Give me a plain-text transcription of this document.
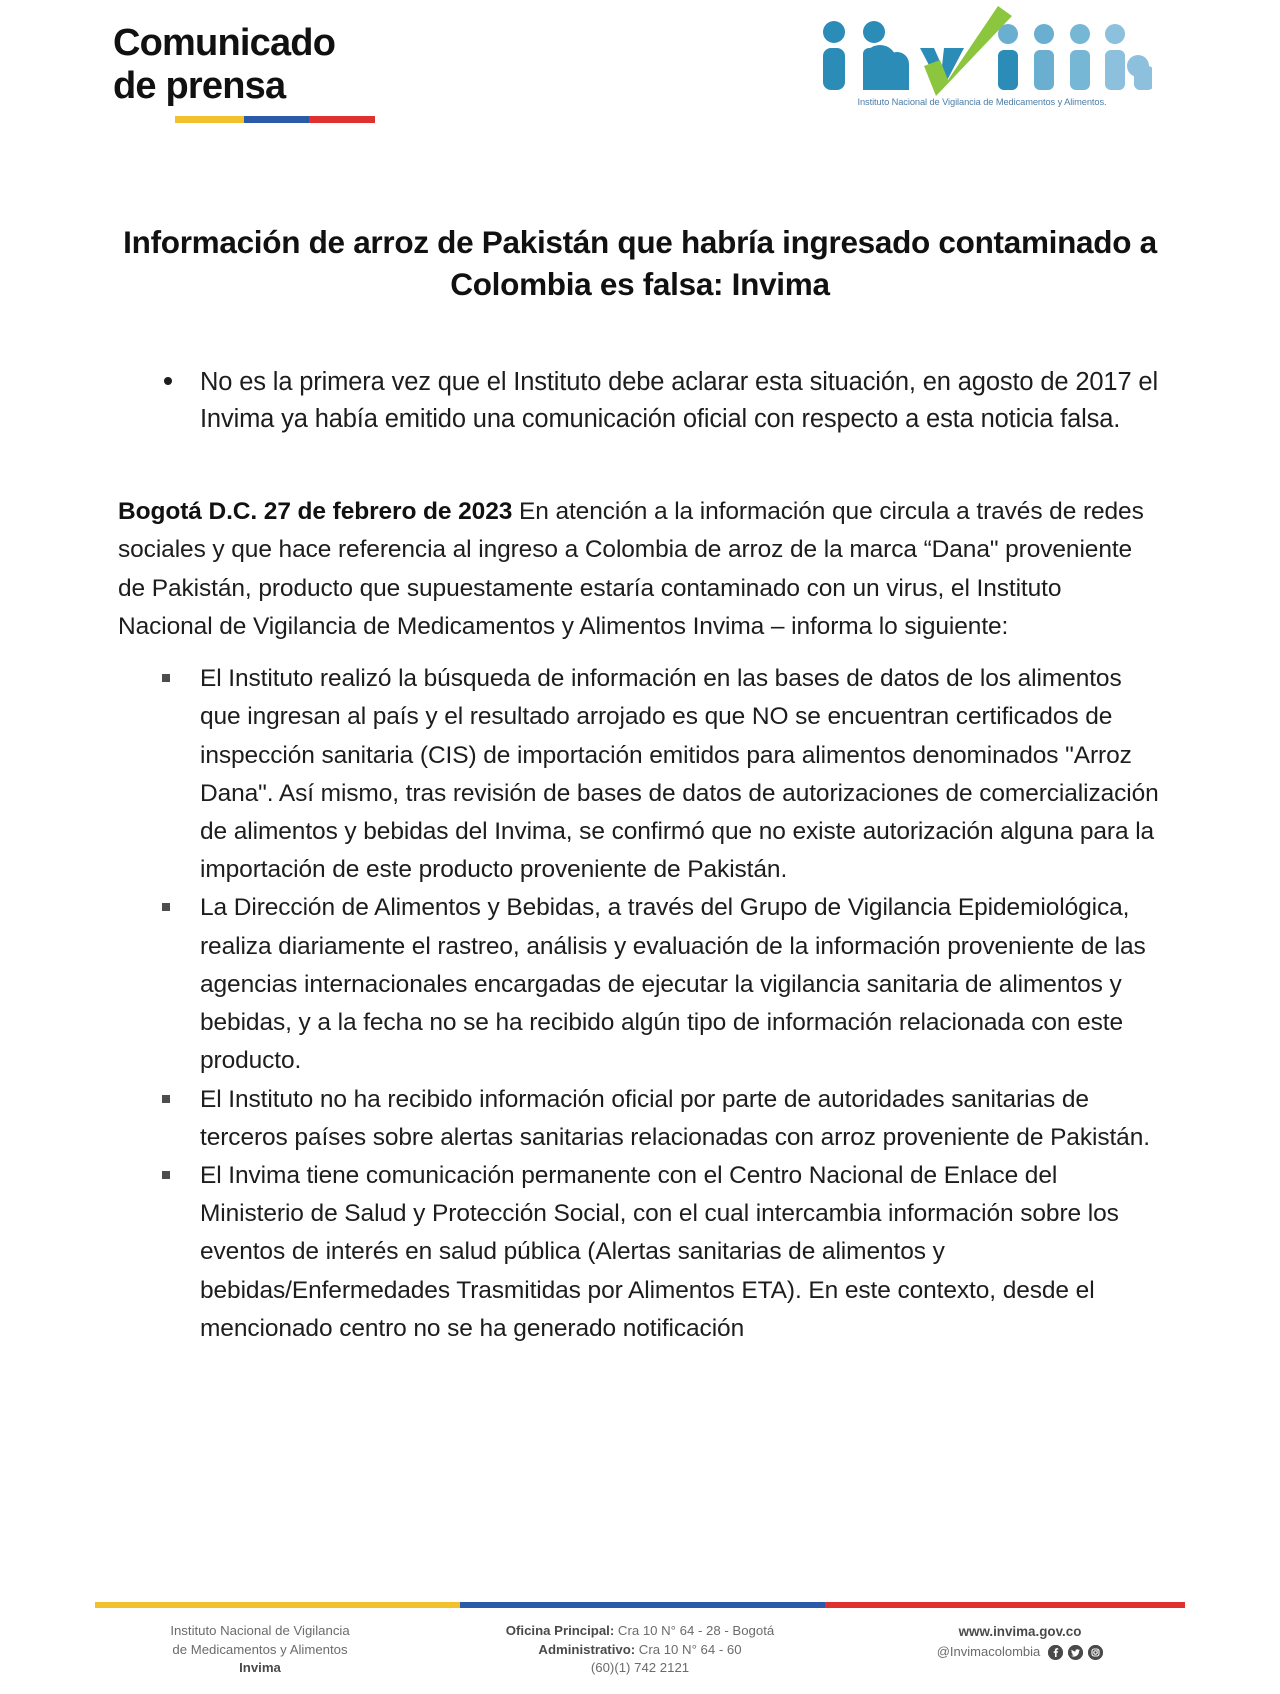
Comunicado
de prensa	Instituto Nacional de Vigilancia de Medicamentos y Alimentos.
Información de arroz de Pakistán que habría ingresado contaminado a Colombia es falsa: Invima
No es la primera vez que el Instituto debe aclarar esta situación, en agosto de 2017 el Invima ya había emitido una comunicación oficial con respecto a esta noticia falsa.

Bogotá D.C. 27 de febrero de 2023 En atención a la información que circula a través de redes sociales y que hace referencia al ingreso a Colombia de arroz de la marca “Dana" proveniente de Pakistán, producto que supuestamente estaría contaminado con un virus, el Instituto Nacional de Vigilancia de Medicamentos y Alimentos Invima – informa lo siguiente:

El Instituto realizó la búsqueda de información en las bases de datos de los alimentos que ingresan al país y el resultado arrojado es que NO se encuentran certificados de inspección sanitaria (CIS) de importación emitidos para alimentos denominados "Arroz Dana". Así mismo, tras revisión de bases de datos de autorizaciones de comercialización de alimentos y bebidas del Invima, se confirmó que no existe autorización alguna para la importación de este producto proveniente de Pakistán.
La Dirección de Alimentos y Bebidas, a través del Grupo de Vigilancia Epidemiológica, realiza diariamente el rastreo, análisis y evaluación de la información proveniente de las agencias internacionales encargadas de ejecutar la vigilancia sanitaria de alimentos y bebidas, y a la fecha no se ha recibido algún tipo de información relacionada con este producto.
El Instituto no ha recibido información oficial por parte de autoridades sanitarias de terceros países sobre alertas sanitarias relacionadas con arroz proveniente de Pakistán.
El Invima tiene comunicación permanente con el Centro Nacional de Enlace del Ministerio de Salud y Protección Social, con el cual intercambia información sobre los eventos de interés en salud pública (Alertas sanitarias de alimentos y bebidas/Enfermedades Trasmitidas por Alimentos ETA). En este contexto, desde el mencionado centro no se ha generado notificación
Instituto Nacional de Vigilancia
de Medicamentos y Alimentos
Invima
Oficina Principal: Cra 10 N° 64 - 28 - Bogotá
Administrativo: Cra 10 N° 64 - 60
(60)(1) 742 2121
www.invima.gov.co
@Invimacolombia
